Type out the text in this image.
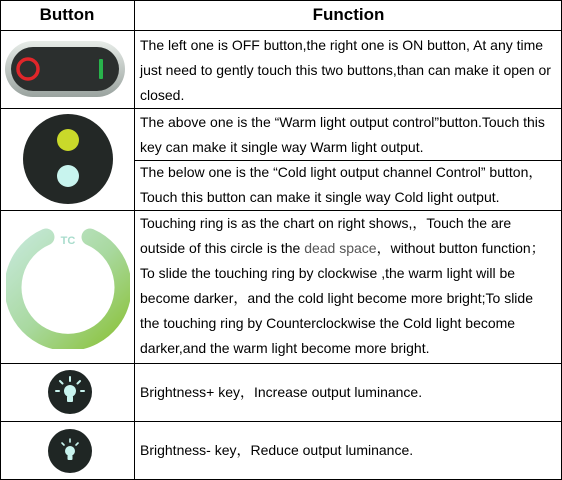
Button	Function
The left one is OFF button,the right one is ON button, At any time just need to gently touch this two buttons,than can make it open or closed.
The above one is the “Warm light output control”button.Touch this key can make it single way Warm light output.
The below one is the “Cold light output channel Control” button，Touch this button can make it single way Cold light output.
TC
Touching ring is as the chart on right shows,，Touch the are outside of this circle is the dead space，without button function；To slide the touching ring by clockwise ,the warm light will be become darker，and the cold light become more bright;To slide the touching ring by Counterclockwise the Cold light become darker,and the warm light become more bright.
Brightness+ key，Increase output luminance.
Brightness- key，Reduce output luminance.
